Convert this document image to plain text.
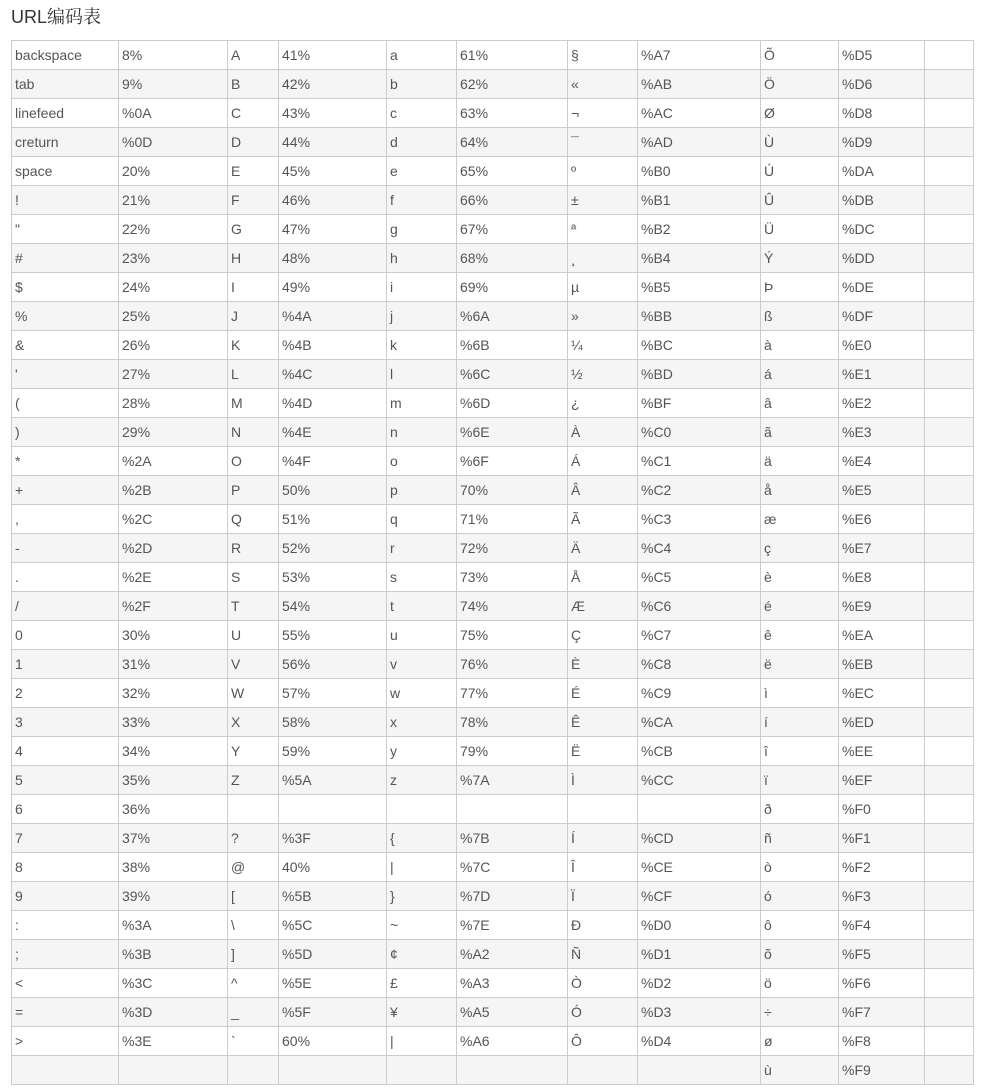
URL编码表
backspace	8%	A	41%	a	61%	§	%A7	Õ	%D5	
tab	9%	B	42%	b	62%	«	%AB	Ö	%D6	
linefeed	%0A	C	43%	c	63%	¬	%AC	Ø	%D8	
creturn	%0D	D	44%	d	64%	¯	%AD	Ù	%D9	
space	20%	E	45%	e	65%	º	%B0	Ú	%DA	
!	21%	F	46%	f	66%	±	%B1	Û	%DB	
"	22%	G	47%	g	67%	ª	%B2	Ü	%DC	
#	23%	H	48%	h	68%	¸	%B4	Ý	%DD	
$	24%	I	49%	i	69%	µ	%B5	Þ	%DE	
%	25%	J	%4A	j	%6A	»	%BB	ß	%DF	
&	26%	K	%4B	k	%6B	¼	%BC	à	%E0	
'	27%	L	%4C	l	%6C	½	%BD	á	%E1	
(	28%	M	%4D	m	%6D	¿	%BF	â	%E2	
)	29%	N	%4E	n	%6E	À	%C0	ã	%E3	
*	%2A	O	%4F	o	%6F	Á	%C1	ä	%E4	
+	%2B	P	50%	p	70%	Â	%C2	å	%E5	
,	%2C	Q	51%	q	71%	Ã	%C3	æ	%E6	
-	%2D	R	52%	r	72%	Ä	%C4	ç	%E7	
.	%2E	S	53%	s	73%	Å	%C5	è	%E8	
/	%2F	T	54%	t	74%	Æ	%C6	é	%E9	
0	30%	U	55%	u	75%	Ç	%C7	ê	%EA	
1	31%	V	56%	v	76%	È	%C8	ë	%EB	
2	32%	W	57%	w	77%	É	%C9	ì	%EC	
3	33%	X	58%	x	78%	Ê	%CA	í	%ED	
4	34%	Y	59%	y	79%	Ë	%CB	î	%EE	
5	35%	Z	%5A	z	%7A	Ì	%CC	ï	%EF	
6	36%							ð	%F0	
7	37%	?	%3F	{	%7B	Í	%CD	ñ	%F1	
8	38%	@	40%	|	%7C	Î	%CE	ò	%F2	
9	39%	[	%5B	}	%7D	Ï	%CF	ó	%F3	
:	%3A	\	%5C	~	%7E	Ð	%D0	ô	%F4	
;	%3B	]	%5D	¢	%A2	Ñ	%D1	õ	%F5	
<	%3C	^	%5E	£	%A3	Ò	%D2	ö	%F6	
=	%3D	_	%5F	¥	%A5	Ó	%D3	÷	%F7	
>	%3E	`	60%	|	%A6	Ô	%D4	ø	%F8	
								ù	%F9	
